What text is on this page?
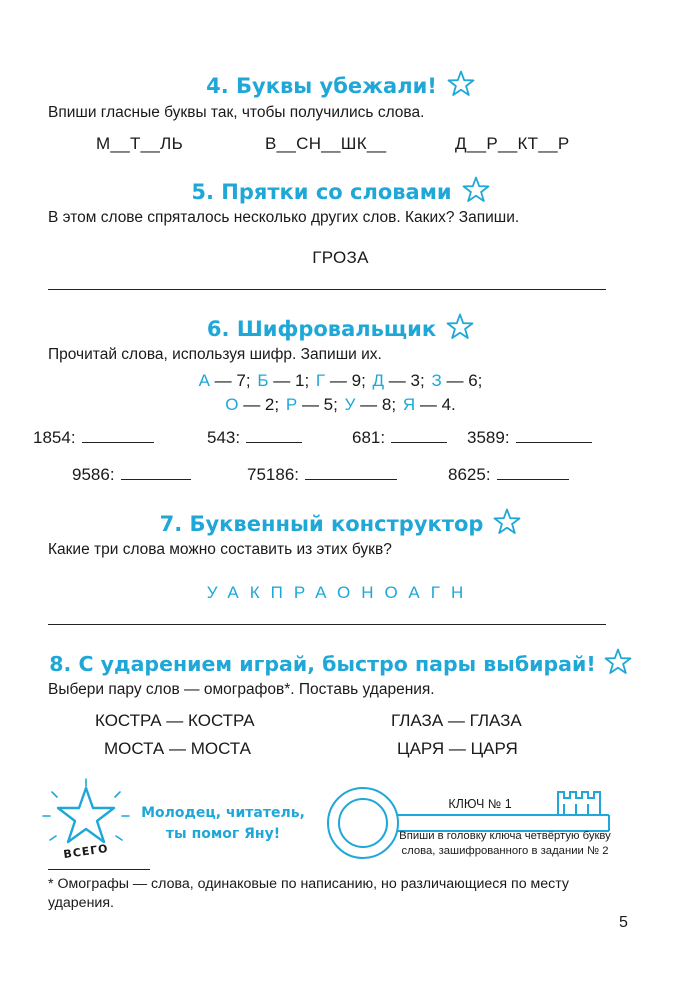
4. Буквы убежали!
Впиши гласные буквы так, чтобы получились слова.
М__Т__ЛЬ	В__СН__ШК__	Д__Р__КТ__Р
5. Прятки со словами
В этом слове спряталось несколько других слов. Каких? Запиши.
ГРОЗА
6. Шифровальщик
Прочитай слова, используя шифр. Запиши их.
А — 7; Б — 1; Г — 9; Д — 3; З — 6;
О — 2; Р — 5; У — 8; Я — 4.
1854:	543:	681:	3589:
9586:	75186:	8625:
7. Буквенный конструктор
Какие три слова можно составить из этих букв?
УАКПРАОНОАГН
8. С ударением играй, быстро пары выбирай!
Выбери пару слов — омографов*. Поставь ударения.
КОСТРА — КОСТРА	ГЛАЗА — ГЛАЗА
МОСТА — МОСТА	ЦАРЯ — ЦАРЯ
ВСЕГО
Молодец, читатель,
ты помог Яну!
КЛЮЧ № 1
Впиши в головку ключа четвёртую букву
слова, зашифрованного в задании № 2
* Омографы — слова, одинаковые по написанию, но различающиеся по месту ударения.
5
